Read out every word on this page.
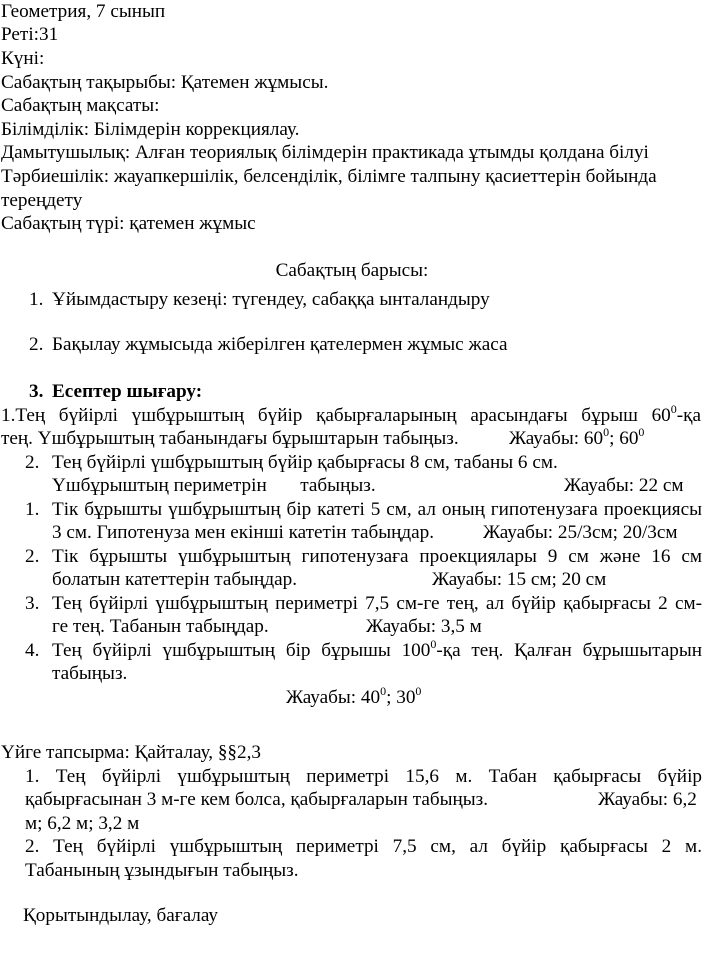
Геометрия, 7 сынып
Реті:31
Күні:
Сабақтың тақырыбы: Қатемен жұмысы.
Сабақтың мақсаты:
Білімділік: Білімдерін коррекциялау.
Дамытушылық: Алған теориялық білімдерін практикада ұтымды қолдана білуі
Тәрбиешілік: жауапкершілік, белсенділік, білімге талпыну қасиеттерін бойында
тереңдету
Сабақтың түрі: қатемен жұмыс
Сабақтың барысы:
1. Ұйымдастыру кезеңі: түгендеу, сабаққа ынталандыру
2. Бақылау жұмысыда жіберілген қателермен жұмыс жаса
3. Есептер шығару:
1.Тең бүйірлі үшбұрыштың бүйір қабырғаларының арасындағы бұрыш $60^0-қа$
тең. Үшбұрыштың табанындағы бұрыштарын табыңыз.	Жауабы: $60^0$; $60^0$
2. Тең бүйірлі үшбұрыштың бүйір қабырғасы 8 см, табаны 6 см.
Үшбұрыштың периметрін       табыңыз.	Жауабы: 22 см
1. Тік бұрышты үшбұрыштың бір катеті 5 см, ал оның гипотенузаға проекциясы
3 см. Гипотенуза мен екінші катетін табыңдар.	Жауабы: 25/3см; 20/3см
2. Тік бұрышты үшбұрыштың гипотенузаға проекциялары 9 см және 16 см
болатын катеттерін табыңдар.	Жауабы: 15 см; 20 см
3. Тең бүйірлі үшбұрыштың периметрі 7,5 см-ге тең, ал бүйір қабырғасы 2 см-
ге тең. Табанын табыңдар.	Жауабы: 3,5 м
4. Тең бүйірлі үшбұрыштың бір бұрышы $100^0-қа$ тең. Қалған бұрышытарын
табыңыз.
Жауабы: $40^0$; $30^0$
Үйге тапсырма: Қайталау, §§2,3
1. Тең бүйірлі үшбұрыштың периметрі 15,6 м. Табан қабырғасы бүйір
қабырғасынан 3 м-ге кем болса, қабырғаларын табыңыз.	Жауабы: 6,2
м; 6,2 м; 3,2 м
2. Тең бүйірлі үшбұрыштың периметрі 7,5 см, ал бүйір қабырғасы 2 м.
Табанының ұзындығын табыңыз.
Қорытындылау, бағалау
